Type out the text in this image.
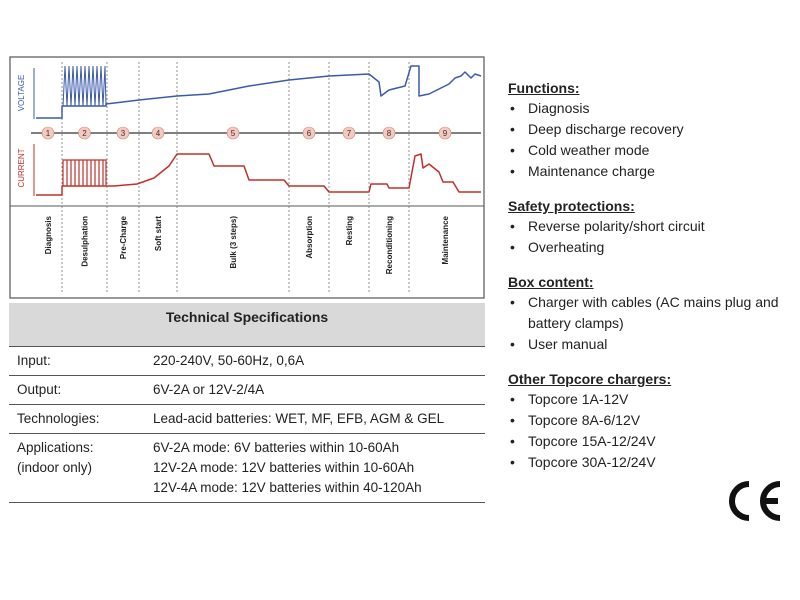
VOLTAGE
CURRENT
1	2	3	4	5	6	7	8	9
Diagnosis	Desulphation	Pre-Charge	Soft start	Bulk (3 steps)	Absorption	Resting	Reconditioning	Maintenance
Technical Specifications	
Input:	220-240V, 50-60Hz, 0,6A
Output:	6V-2A or 12V-2/4A
Technologies:	Lead-acid batteries: WET, MF, EFB, AGM & GEL
Applications: (indoor only)	6V-2A mode: 6V batteries within 10-60Ah
12V-2A mode: 12V batteries within 10-60Ah
12V-4A mode: 12V batteries within 40-120Ah
Functions:
• Diagnosis
• Deep discharge recovery
• Cold weather mode
• Maintenance charge
Safety protections:
• Reverse polarity/short circuit
• Overheating
Box content:
• Charger with cables (AC mains plug and battery clamps)
• User manual
Other Topcore chargers:
• Topcore 1A-12V
• Topcore 8A-6/12V
• Topcore 15A-12/24V
• Topcore 30A-12/24V
